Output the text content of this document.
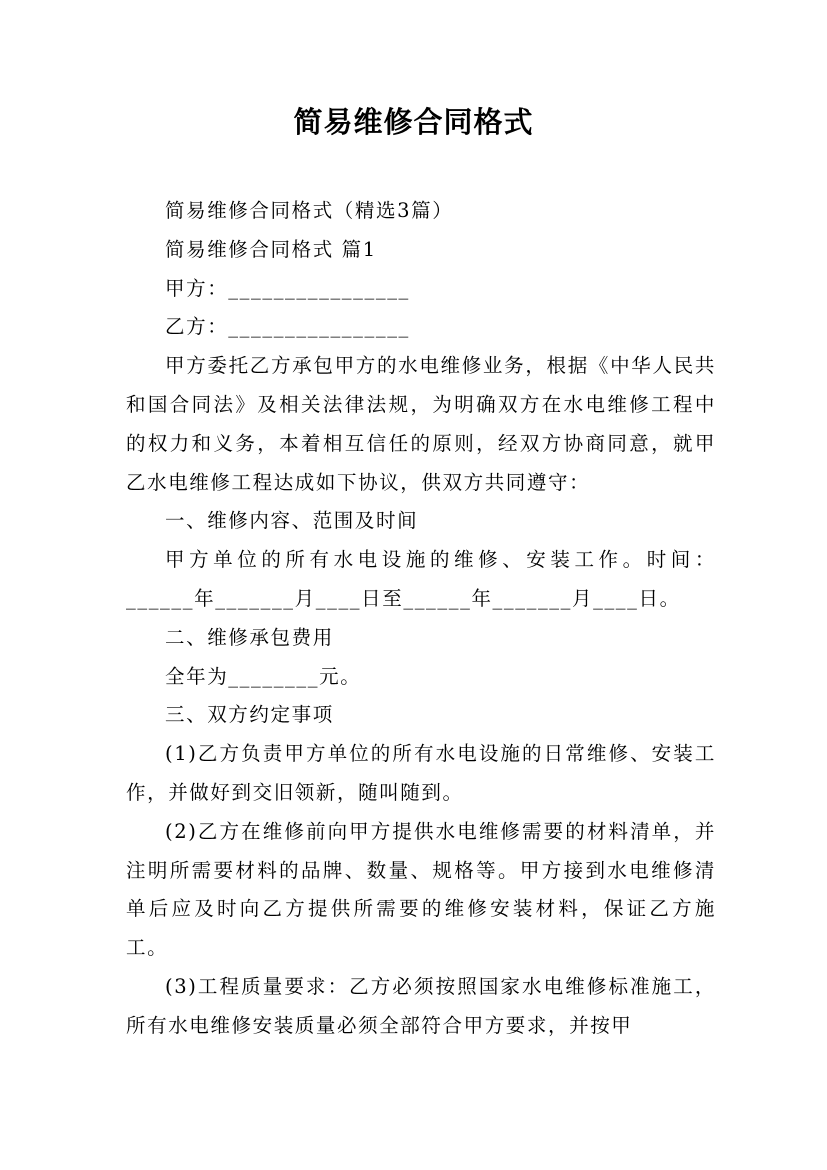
简易维修合同格式

简易维修合同格式（精选3篇）

简易维修合同格式 篇1

甲方：________________

乙方：________________

甲方委托乙方承包甲方的水电维修业务，根据《中华人民共和国合同法》及相关法律法规，为明确双方在水电维修工程中的权力和义务，本着相互信任的原则，经双方协商同意，就甲乙水电维修工程达成如下协议，供双方共同遵守：

一、维修内容、范围及时间

甲方单位的所有水电设施的维修、安装工作。时间：______年_______月____日至______年_______月____日。

二、维修承包费用

全年为________元。

三、双方约定事项

(1)乙方负责甲方单位的所有水电设施的日常维修、安装工作，并做好到交旧领新，随叫随到。

(2)乙方在维修前向甲方提供水电维修需要的材料清单，并注明所需要材料的品牌、数量、规格等。甲方接到水电维修清单后应及时向乙方提供所需要的维修安装材料，保证乙方施工。

(3)工程质量要求：乙方必须按照国家水电维修标准施工，所有水电维修安装质量必须全部符合甲方要求，并按甲
